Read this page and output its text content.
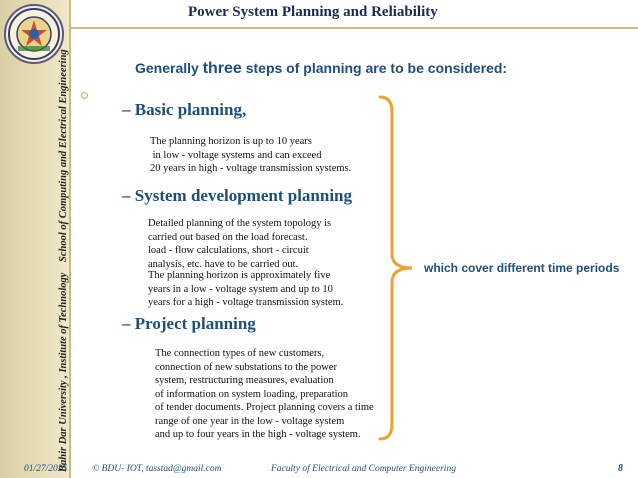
School of Computing and Electrical Engineering
Bahir Dar University , Institute of Technology
Power System Planning and Reliability
Generally three steps of planning are to be considered:
– Basic planning,
The planning horizon is up to 10 years
in low - voltage systems and can exceed
20 years in high - voltage transmission systems.
– System development planning
Detailed planning of the system topology is
carried out based on the load forecast.
load - flow calculations, short - circuit
analysis, etc. have to be carried out.
The planning horizon is approximately five
years in a low - voltage system and up to 10
years for a high - voltage transmission system.
– Project planning
The connection types of new customers,
connection of new substations to the power
system, restructuring measures, evaluation
of information on system loading, preparation
of tender documents. Project planning covers a time
range of one year in the low - voltage system
and up to four years in the high - voltage system.
which cover different time periods
01/27/2025	© BDU- IOT, tasstad@gmail.com	Faculty of Electrical and Computer Engineering	8
